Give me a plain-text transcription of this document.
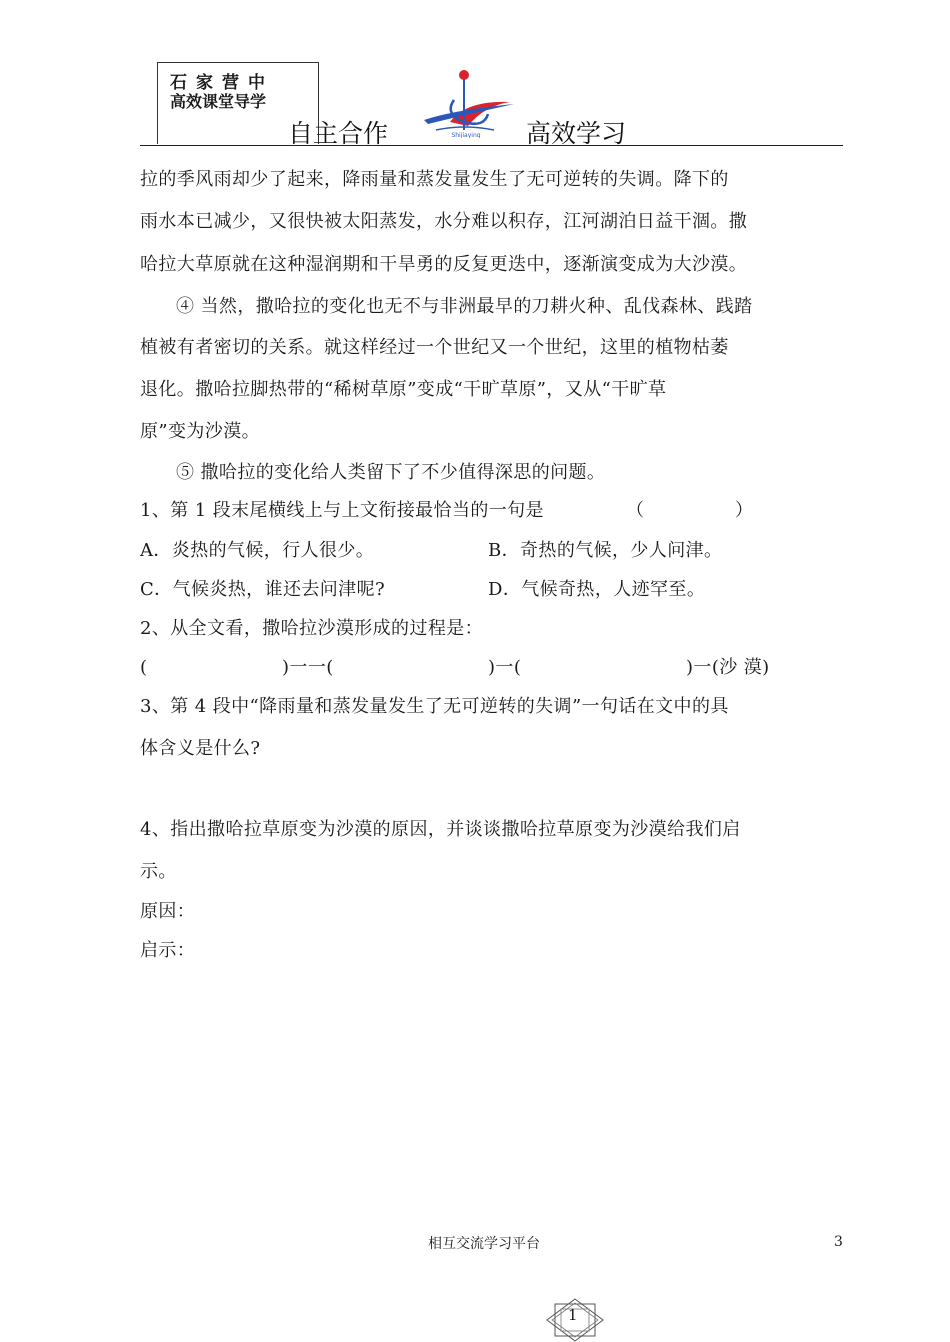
石家营中
高效课堂导学
自主合作	Shijiaying 高效学习
拉的季风雨却少了起来，降雨量和蒸发量发生了无可逆转的失调。降下的
雨水本已减少，又很快被太阳蒸发，水分难以积存，江河湖泊日益干涸。撒
哈拉大草原就在这种湿润期和干旱勇的反复更迭中，逐渐演变成为大沙漠。
④ 当然，撒哈拉的变化也无不与非洲最早的刀耕火种、乱伐森林、践踏
植被有者密切的关系。就这样经过一个世纪又一个世纪，这里的植物枯萎
退化。撒哈拉脚热带的“稀树草原”变成“干旷草原”，又从“干旷草
原”变为沙漠。
⑤ 撒哈拉的变化给人类留下了不少值得深思的问题。
1、第 1 段末尾横线上与上文衔接最恰当的一句是	（	）
A．炎热的气候，行人很少。	B．奇热的气候，少人问津。
C．气候炎热，谁还去问津呢?	D．气候奇热，人迹罕至。
2、从全文看，撒哈拉沙漠形成的过程是：
(	)一一(	)一(	)一(沙 漠)
3、第 4 段中“降雨量和蒸发量发生了无可逆转的失调”一句话在文中的具
体含义是什么?
4、指出撒哈拉草原变为沙漠的原因，并谈谈撒哈拉草原变为沙漠给我们启
示。
原因：
启示：
相互交流学习平台	3
1
